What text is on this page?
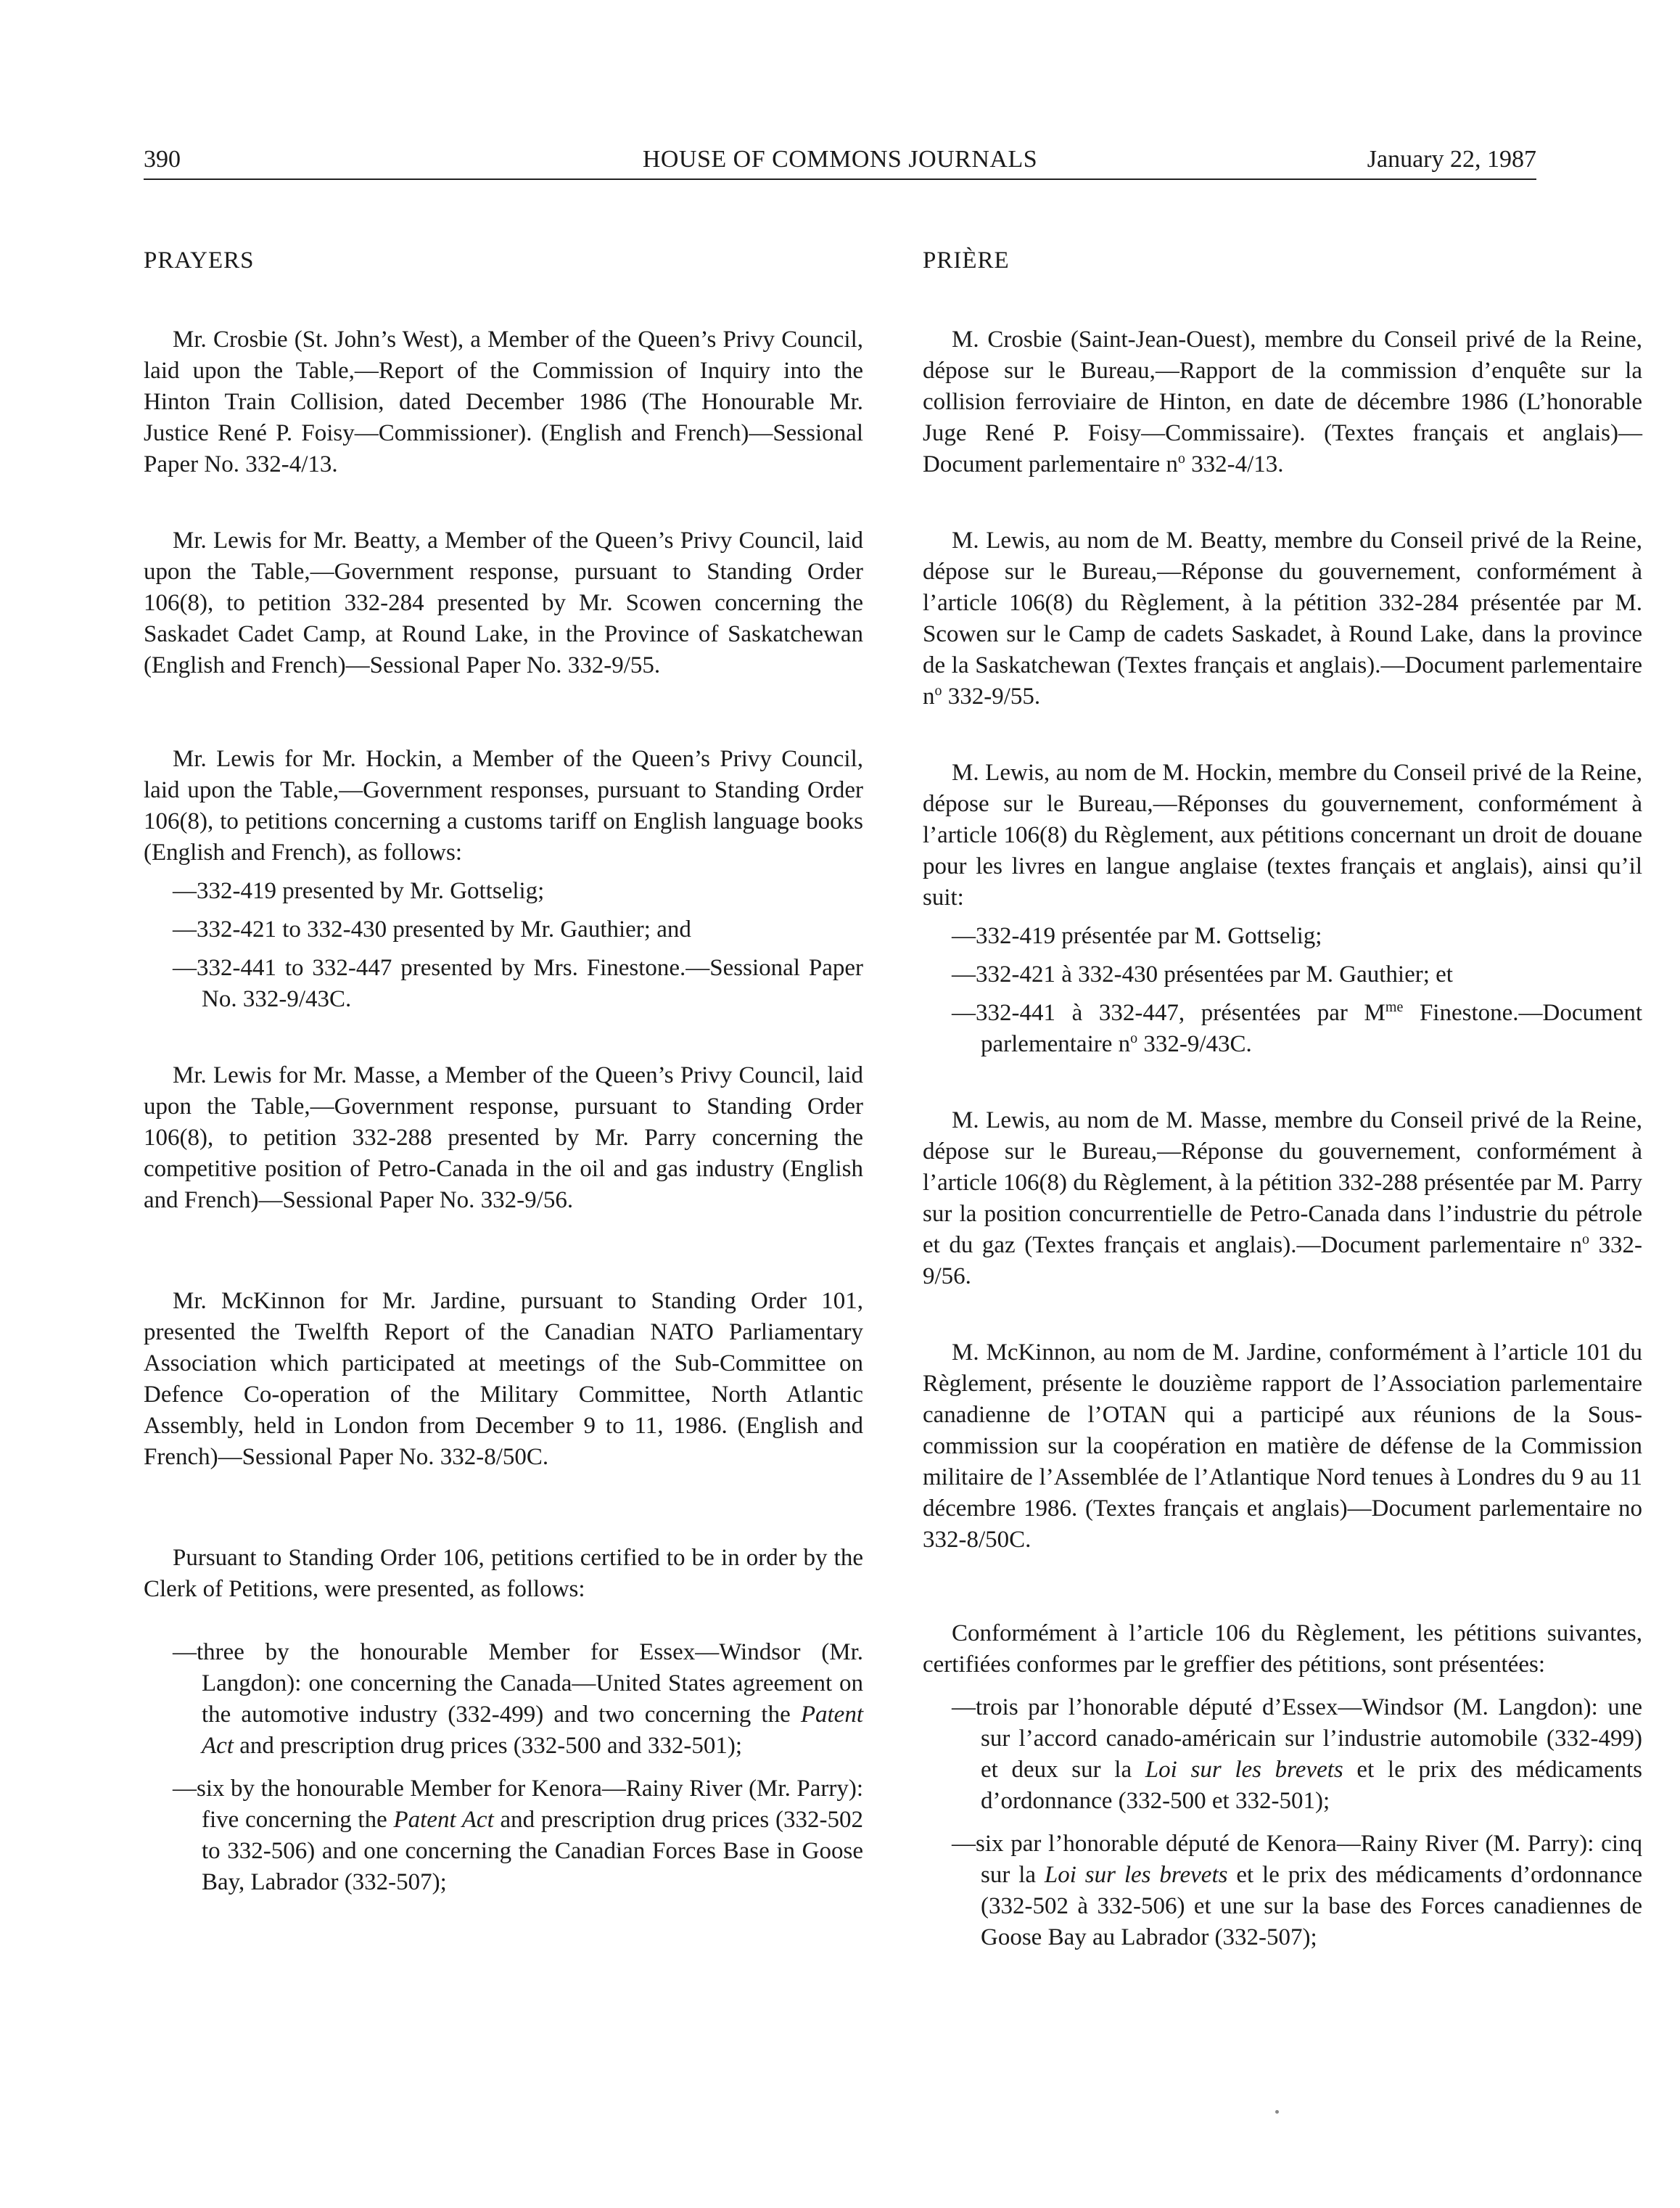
390	HOUSE OF COMMONS JOURNALS	January 22, 1987

PRAYERS

Mr. Crosbie (St. John’s West), a Member of the Queen’s Privy Council, laid upon the Table,—Report of the Commission of Inquiry into the Hinton Train Collision, dated December 1986 (The Honourable Mr. Justice René P. Foisy—Commissioner). (English and French)—Sessional Paper No. 332-4/13.

Mr. Lewis for Mr. Beatty, a Member of the Queen’s Privy Council, laid upon the Table,—Government response, pursuant to Standing Order 106(8), to petition 332-284 presented by Mr. Scowen concerning the Saskadet Cadet Camp, at Round Lake, in the Province of Saskatchewan (English and French)—Sessional Paper No. 332-9/55.

Mr. Lewis for Mr. Hockin, a Member of the Queen’s Privy Council, laid upon the Table,—Government responses, pursuant to Standing Order 106(8), to petitions concerning a customs tariff on English language books (English and French), as follows:

—332-419 presented by Mr. Gottselig;

—332-421 to 332-430 presented by Mr. Gauthier; and

—332-441 to 332-447 presented by Mrs. Finestone.—Sessional Paper No. 332-9/43C.

Mr. Lewis for Mr. Masse, a Member of the Queen’s Privy Council, laid upon the Table,—Government response, pursuant to Standing Order 106(8), to petition 332-288 presented by Mr. Parry concerning the competitive position of Petro-Canada in the oil and gas industry (English and French)—Sessional Paper No. 332-9/56.

Mr. McKinnon for Mr. Jardine, pursuant to Standing Order 101, presented the Twelfth Report of the Canadian NATO Parliamentary Association which participated at meetings of the Sub-Committee on Defence Co-operation of the Military Committee, North Atlantic Assembly, held in London from December 9 to 11, 1986. (English and French)—Sessional Paper No. 332-8/50C.

Pursuant to Standing Order 106, petitions certified to be in order by the Clerk of Petitions, were presented, as follows:

—three by the honourable Member for Essex—Windsor (Mr. Langdon): one concerning the Canada—United States agreement on the automotive industry (332-499) and two concerning the Patent Act and prescription drug prices (332-500 and 332-501);

—six by the honourable Member for Kenora—Rainy River (Mr. Parry): five concerning the Patent Act and prescription drug prices (332-502 to 332-506) and one concerning the Canadian Forces Base in Goose Bay, Labrador (332-507);

PRIÈRE

M. Crosbie (Saint-Jean-Ouest), membre du Conseil privé de la Reine, dépose sur le Bureau,—Rapport de la commission d’enquête sur la collision ferroviaire de Hinton, en date de décembre 1986 (L’honorable Juge René P. Foisy—Commissaire). (Textes français et anglais)—Document parlementaire $n^o$ 332-4/13.

M. Lewis, au nom de M. Beatty, membre du Conseil privé de la Reine, dépose sur le Bureau,—Réponse du gouvernement, conformément à l’article 106(8) du Règlement, à la pétition 332-284 présentée par M. Scowen sur le Camp de cadets Saskadet, à Round Lake, dans la province de la Saskatchewan (Textes français et anglais).—Document parlementaire $n^o$ 332-9/55.

M. Lewis, au nom de M. Hockin, membre du Conseil privé de la Reine, dépose sur le Bureau,—Réponses du gouvernement, conformément à l’article 106(8) du Règlement, aux pétitions concernant un droit de douane pour les livres en langue anglaise (textes français et anglais), ainsi qu’il suit:

—332-419 présentée par M. Gottselig;

—332-421 à 332-430 présentées par M. Gauthier; et

—332-441 à 332-447, présentées par $M^{me}$ Finestone.—Document parlementaire $n^o$ 332-9/43C.

M. Lewis, au nom de M. Masse, membre du Conseil privé de la Reine, dépose sur le Bureau,—Réponse du gouvernement, conformément à l’article 106(8) du Règlement, à la pétition 332-288 présentée par M. Parry sur la position concurrentielle de Petro-Canada dans l’industrie du pétrole et du gaz (Textes français et anglais).—Document parlementaire $n^o$ 332-9/56.

M. McKinnon, au nom de M. Jardine, conformément à l’article 101 du Règlement, présente le douzième rapport de l’Association parlementaire canadienne de l’OTAN qui a participé aux réunions de la Sous-commission sur la coopération en matière de défense de la Commission militaire de l’Assemblée de l’Atlantique Nord tenues à Londres du 9 au 11 décembre 1986. (Textes français et anglais)—Document parlementaire no 332-8/50C.

Conformément à l’article 106 du Règlement, les pétitions suivantes, certifiées conformes par le greffier des pétitions, sont présentées:

—trois par l’honorable député d’Essex—Windsor (M. Langdon): une sur l’accord canado-américain sur l’industrie automobile (332-499) et deux sur la Loi sur les brevets et le prix des médicaments d’ordonnance (332-500 et 332-501);

—six par l’honorable député de Kenora—Rainy River (M. Parry): cinq sur la Loi sur les brevets et le prix des médicaments d’ordonnance (332-502 à 332-506) et une sur la base des Forces canadiennes de Goose Bay au Labrador (332-507);
